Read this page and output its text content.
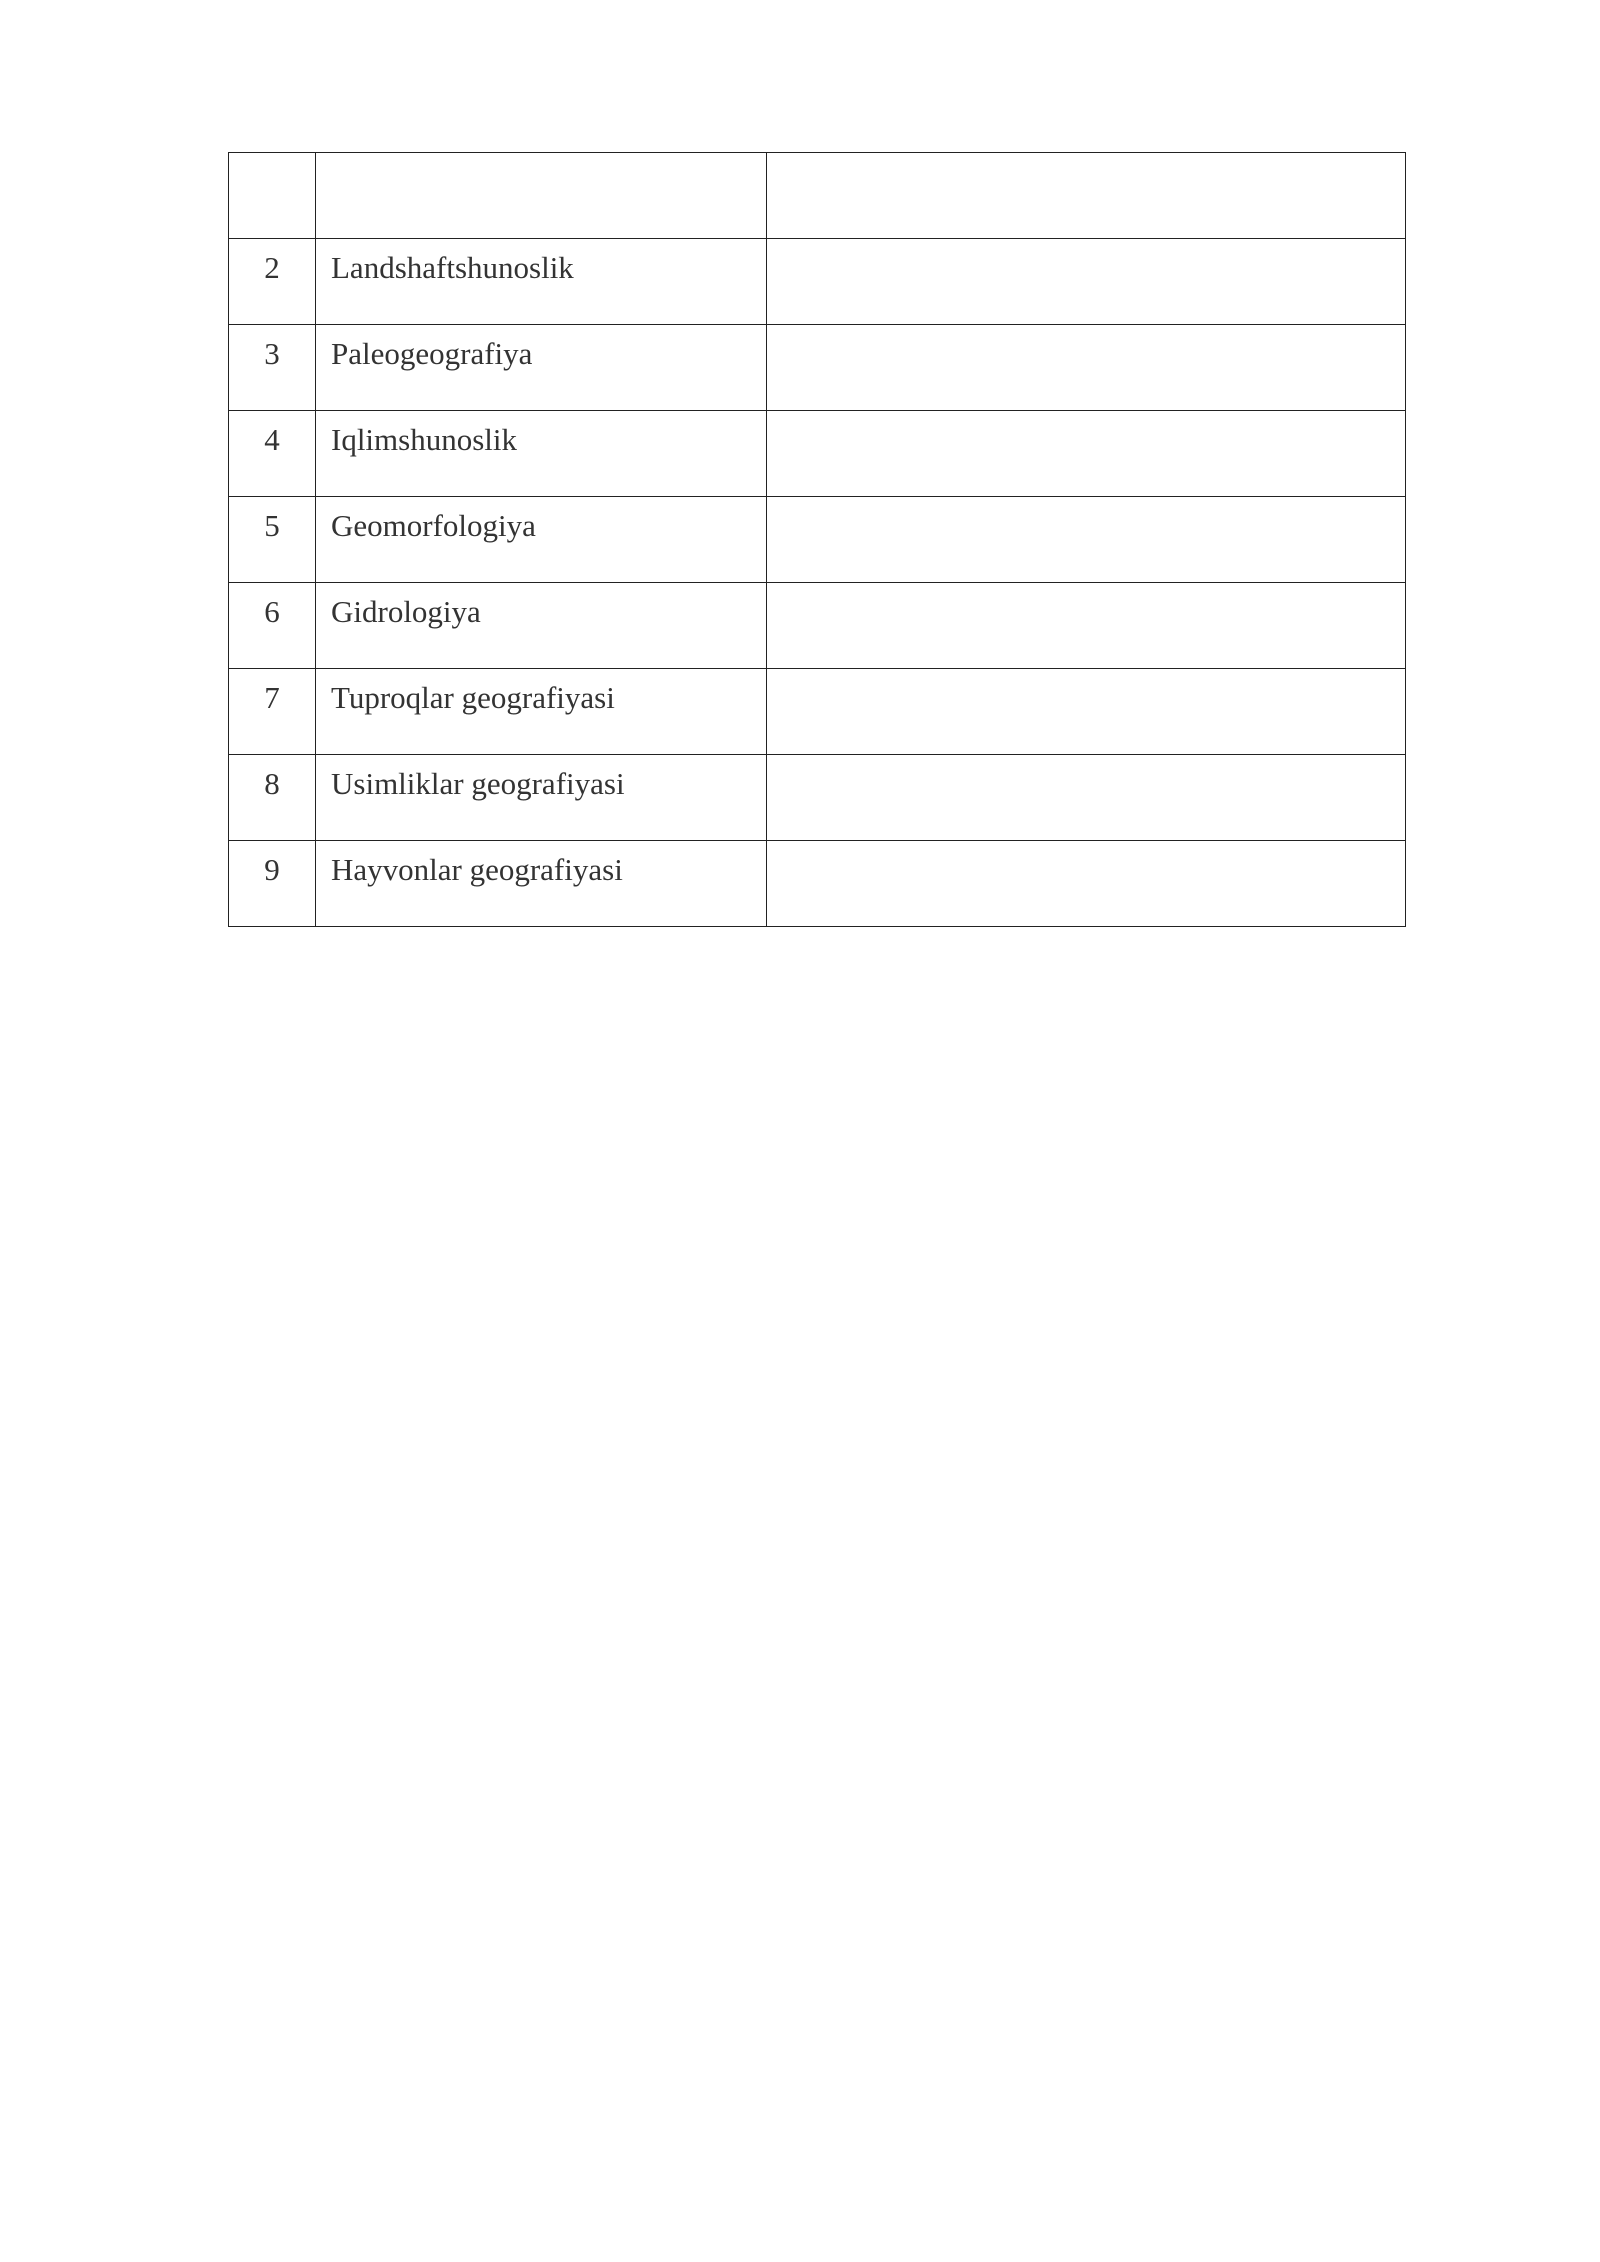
2	Landshaftshunoslik	

3	Paleogeografiya	

4	Iqlimshunoslik	

5	Geomorfologiya	

6	Gidrologiya	

7	Tuproqlar geografiyasi	

8	Usimliklar geografiyasi	

9	Hayvonlar geografiyasi	
